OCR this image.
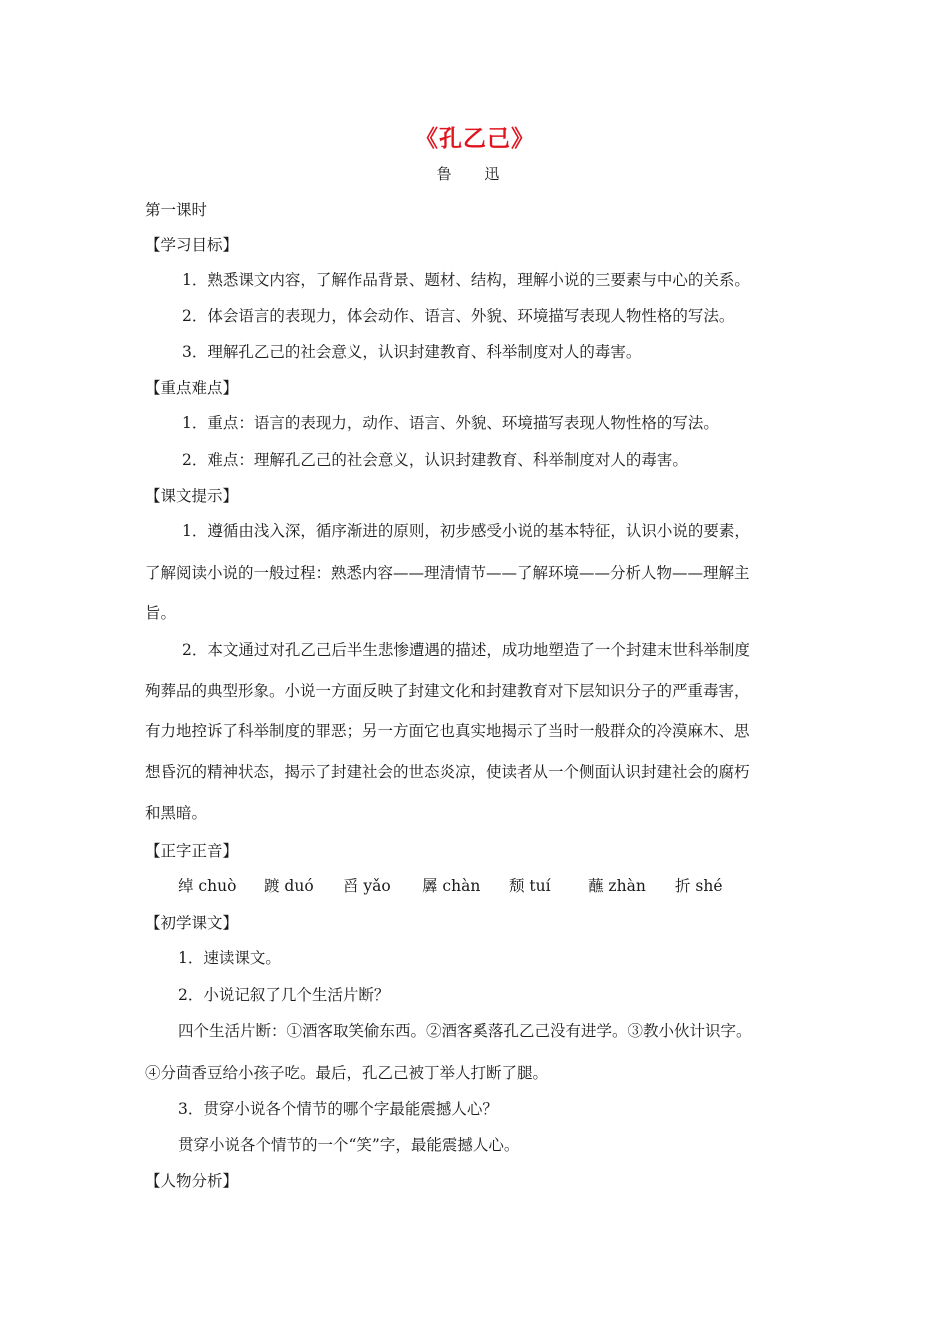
《孔乙己》
鲁 迅
第一课时
【学习目标】
1．熟悉课文内容，了解作品背景、题材、结构，理解小说的三要素与中心的关系。
2．体会语言的表现力，体会动作、语言、外貌、环境描写表现人物性格的写法。
3．理解孔乙己的社会意义，认识封建教育、科举制度对人的毒害。
【重点难点】
1．重点：语言的表现力，动作、语言、外貌、环境描写表现人物性格的写法。
2．难点：理解孔乙己的社会意义，认识封建教育、科举制度对人的毒害。
【课文提示】
1．遵循由浅入深，循序渐进的原则，初步感受小说的基本特征，认识小说的要素，
了解阅读小说的一般过程：熟悉内容——理清情节——了解环境——分析人物——理解主
旨。
2．本文通过对孔乙己后半生悲惨遭遇的描述，成功地塑造了一个封建末世科举制度
殉葬品的典型形象。小说一方面反映了封建文化和封建教育对下层知识分子的严重毒害，
有力地控诉了科举制度的罪恶；另一方面它也真实地揭示了当时一般群众的冷漠麻木、思
想昏沉的精神状态，揭示了封建社会的世态炎凉，使读者从一个侧面认识封建社会的腐朽
和黑暗。
【正字正音】
绰 chuò 踱 duó 舀 yǎo 羼 chàn 颓 tuí 蘸 zhàn 折 shé
【初学课文】
1．速读课文。
2．小说记叙了几个生活片断？
四个生活片断：①酒客取笑偷东西。②酒客奚落孔乙己没有进学。③教小伙计识字。
④分茴香豆给小孩子吃。最后，孔乙己被丁举人打断了腿。
3．贯穿小说各个情节的哪个字最能震撼人心？
贯穿小说各个情节的一个“笑”字，最能震撼人心。
【人物分析】
